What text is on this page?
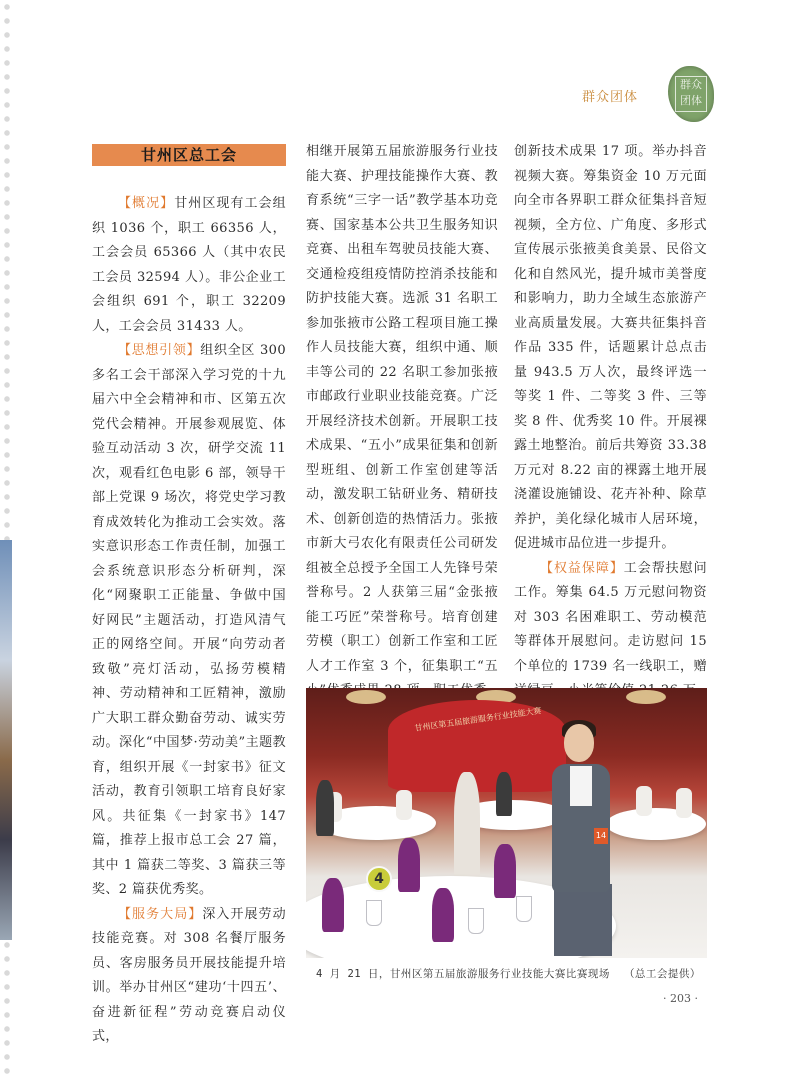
群众团体
群众
团体
甘州区总工会

【概况】甘州区现有工会组织 1036 个，职工 66356 人，工会会员 65366 人（其中农民工会员 32594 人）。非公企业工会组织 691 个，职工 32209 人，工会会员 31433 人。

【思想引领】组织全区 300 多名工会干部深入学习党的十九届六中全会精神和市、区第五次党代会精神。开展参观展览、体验互动活动 3 次，研学交流 11 次，观看红色电影 6 部，领导干部上党课 9 场次，将党史学习教育成效转化为推动工会实效。落实意识形态工作责任制，加强工会系统意识形态分析研判，深化“网聚职工正能量、争做中国好网民”主题活动，打造风清气正的网络空间。开展“向劳动者致敬”亮灯活动，弘扬劳模精神、劳动精神和工匠精神，激励广大职工群众勤奋劳动、诚实劳动。深化“中国梦·劳动美”主题教育，组织开展《一封家书》征文活动，教育引领职工培育良好家风。共征集《一封家书》147 篇，推荐上报市总工会 27 篇，其中 1 篇获二等奖、3 篇获三等奖、2 篇获优秀奖。

【服务大局】深入开展劳动技能竞赛。对 308 名餐厅服务员、客房服务员开展技能提升培训。举办甘州区“建功‘十四五’、奋进新征程”劳动竞赛启动仪式，

相继开展第五届旅游服务行业技能大赛、护理技能操作大赛、教育系统“三字一话”教学基本功竞赛、国家基本公共卫生服务知识竞赛、出租车驾驶员技能大赛、交通检疫组疫情防控消杀技能和防护技能大赛。选派 31 名职工参加张掖市公路工程项目施工操作人员技能大赛，组织中通、顺丰等公司的 22 名职工参加张掖市邮政行业职业技能竞赛。广泛开展经济技术创新。开展职工技术成果、“五小”成果征集和创新型班组、创新工作室创建等活动，激发职工钻研业务、精研技术、创新创造的热情活力。张掖市新大弓农化有限责任公司研发组被全总授予全国工人先锋号荣誉称号。2 人获第三届“金张掖能工巧匠”荣誉称号。培育创建劳模（职工）创新工作室和工匠人才工作室 3 个，征集职工“五

创新技术成果 17 项。举办抖音视频大赛。筹集资金 10 万元面向全市各界职工群众征集抖音短视频，全方位、广角度、多形式宣传展示张掖美食美景、民俗文化和自然风光，提升城市美誉度和影响力，助力全域生态旅游产业高质量发展。大赛共征集抖音作品 335 件，话题累计总点击量 943.5 万人次，最终评选一等奖 1 件、二等奖 3 件、三等奖 8 件、优秀奖 10 件。开展裸露土地整治。前后共筹资 33.38 万元对 8.22 亩的裸露土地开展浇灌设施铺设、花卉补种、除草养护，美化绿化城市人居环境，促进城市品位进一步提升。

【权益保障】工会帮扶慰问工作。筹集 64.5 万元慰问物资对 303 名困难职工、劳动模范等群体开展慰问。走访慰问 15 个单位的 1739 名一线职工，赠

甘州区第五届旅游服务行业技能大赛
4
14
4 月 21 日，甘州区第五届旅游服务行业技能大赛比赛现场 （总工会提供）
· 203 ·
